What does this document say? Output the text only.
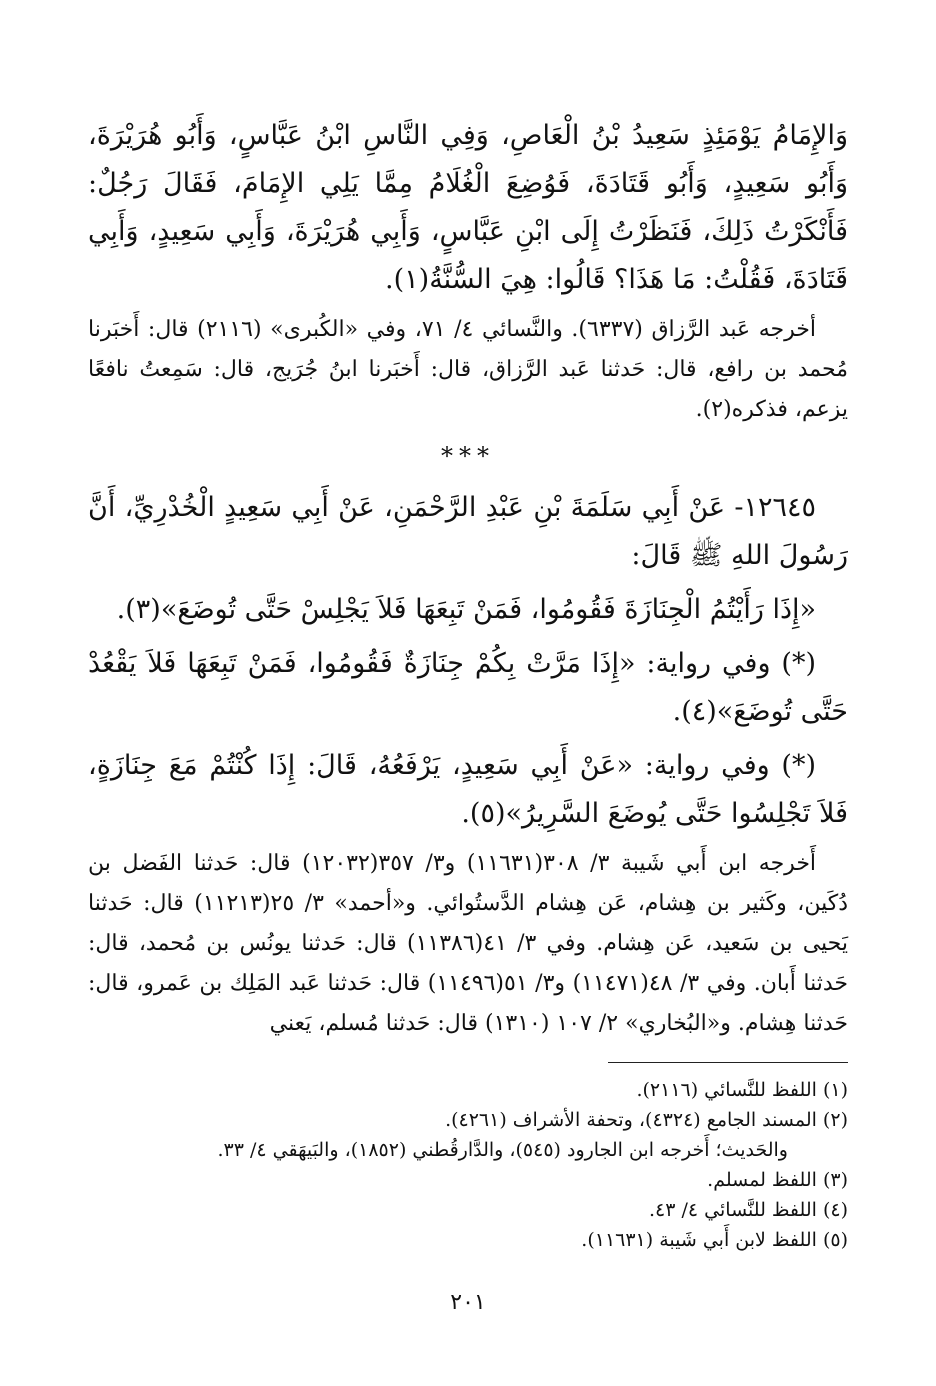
وَالإِمَامُ يَوْمَئِذٍ سَعِيدُ بْنُ الْعَاصِ، وَفِي النَّاسِ ابْنُ عَبَّاسٍ، وَأَبُو هُرَيْرَةَ، وَأَبُو سَعِيدٍ، وَأَبُو قَتَادَةَ، فَوُضِعَ الْغُلَامُ مِمَّا يَلِي الإِمَامَ، فَقَالَ رَجُلٌ: فَأَنْكَرْتُ ذَلِكَ، فَنَظَرْتُ إِلَى ابْنِ عَبَّاسٍ، وَأَبِي هُرَيْرَةَ، وَأَبِي سَعِيدٍ، وَأَبِي قَتَادَةَ، فَقُلْتُ: مَا هَذَا؟ قَالُوا: هِيَ السُّنَّةُ(١).

أخرجه عَبد الرَّزاق (٦٣٣٧). والنَّسائي ٤/ ٧١، وفي «الكُبرى» (٢١١٦) قال: أَخبَرنا مُحمد بن رافع، قال: حَدثنا عَبد الرَّزاق، قال: أَخبَرنا ابنُ جُرَيج، قال: سَمِعتُ نافعًا يزعم، فذكره(٢).

***

١٢٦٤٥- عَنْ أَبِي سَلَمَةَ بْنِ عَبْدِ الرَّحْمَنِ، عَنْ أَبِي سَعِيدٍ الْخُدْرِيِّ، أَنَّ رَسُولَ اللهِ ﷺ قَالَ:

«إِذَا رَأَيْتُمُ الْجِنَازَةَ فَقُومُوا، فَمَنْ تَبِعَهَا فَلاَ يَجْلِسْ حَتَّى تُوضَعَ»(٣).

(*) وفي رواية: «إِذَا مَرَّتْ بِكُمْ جِنَازَةٌ فَقُومُوا، فَمَنْ تَبِعَهَا فَلاَ يَقْعُدْ حَتَّى تُوضَعَ»(٤).

(*) وفي رواية: «عَنْ أَبِي سَعِيدٍ، يَرْفَعُهُ، قَالَ: إِذَا كُنْتُمْ مَعَ جِنَازَةٍ، فَلاَ تَجْلِسُوا حَتَّى يُوضَعَ السَّرِيرُ»(٥).

أَخرجه ابن أَبي شَيبة ٣/ ٣٠٨(١١٦٣١) و٣/ ٣٥٧(١٢٠٣٢) قال: حَدثنا الفَضل بن دُكَين، وكَثير بن هِشام، عَن هِشام الدَّستُوائي. و«أحمد» ٣/ ٢٥(١١٢١٣) قال: حَدثنا يَحيى بن سَعيد، عَن هِشام. وفي ٣/ ٤١(١١٣٨٦) قال: حَدثنا يونُس بن مُحمد، قال: حَدثنا أَبان. وفي ٣/ ٤٨(١١٤٧١) و٣/ ٥١(١١٤٩٦) قال: حَدثنا عَبد المَلِك بن عَمرو، قال: حَدثنا هِشام. و«البُخاري» ٢/ ١٠٧ (١٣١٠) قال: حَدثنا مُسلم، يَعني

(١) اللفظ للنَّسائي (٢١١٦).
(٢) المسند الجامع (٤٣٢٤)، وتحفة الأشراف (٤٢٦١).
والحَديث؛ أَخرجه ابن الجارود (٥٤٥)، والدَّارقُطني (١٨٥٢)، والبَيهَقي ٤/ ٣٣.
(٣) اللفظ لمسلم.
(٤) اللفظ للنَّسائي ٤/ ٤٣.
(٥) اللفظ لابن أَبي شَيبة (١١٦٣١).
٢٠١
